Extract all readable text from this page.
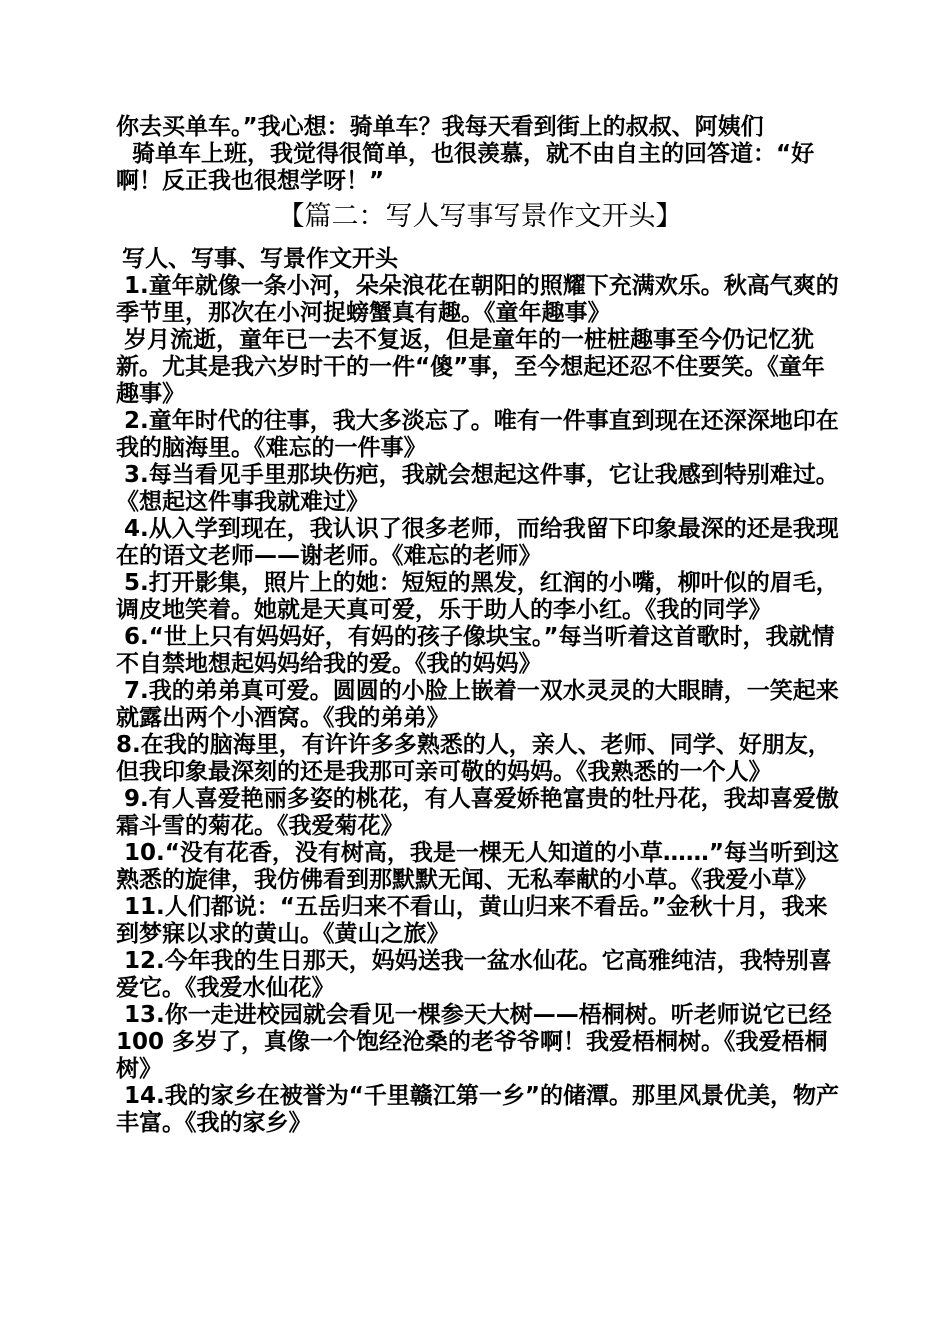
你去买单车。”我心想：骑单车？我每天看到街上的叔叔、阿姨们
骑单车上班，我觉得很简单，也很羡慕，就不由自主的回答道：“好啊！反正我也很想学呀！”

【篇二：写人写事写景作文开头】

写人、写事、写景作文开头

1.童年就像一条小河，朵朵浪花在朝阳的照耀下充满欢乐。秋高气爽的季节里，那次在小河捉螃蟹真有趣。《童年趣事》

岁月流逝，童年已一去不复返，但是童年的一桩桩趣事至今仍记忆犹新。尤其是我六岁时干的一件“傻”事，至今想起还忍不住要笑。《童年趣事》

2.童年时代的往事，我大多淡忘了。唯有一件事直到现在还深深地印在我的脑海里。《难忘的一件事》

3.每当看见手里那块伤疤，我就会想起这件事，它让我感到特别难过。《想起这件事我就难过》

4.从入学到现在，我认识了很多老师，而给我留下印象最深的还是我现在的语文老师——谢老师。《难忘的老师》

5.打开影集，照片上的她：短短的黑发，红润的小嘴，柳叶似的眉毛，调皮地笑着。她就是天真可爱，乐于助人的李小红。《我的同学》

6.“世上只有妈妈好，有妈的孩子像块宝。”每当听着这首歌时，我就情不自禁地想起妈妈给我的爱。《我的妈妈》

7.我的弟弟真可爱。圆圆的小脸上嵌着一双水灵灵的大眼睛，一笑起来就露出两个小酒窝。《我的弟弟》

8.在我的脑海里，有许许多多熟悉的人，亲人、老师、同学、好朋友，但我印象最深刻的还是我那可亲可敬的妈妈。《我熟悉的一个人》

9.有人喜爱艳丽多姿的桃花，有人喜爱娇艳富贵的牡丹花，我却喜爱傲霜斗雪的菊花。《我爱菊花》

10.“没有花香，没有树高，我是一棵无人知道的小草……”每当听到这熟悉的旋律，我仿佛看到那默默无闻、无私奉献的小草。《我爱小草》

11.人们都说：“五岳归来不看山，黄山归来不看岳。”金秋十月，我来到梦寐以求的黄山。《黄山之旅》

12.今年我的生日那天，妈妈送我一盆水仙花。它高雅纯洁，我特别喜爱它。《我爱水仙花》

13.你一走进校园就会看见一棵参天大树——梧桐树。听老师说它已经 100 多岁了，真像一个饱经沧桑的老爷爷啊！我爱梧桐树。《我爱梧桐树》

14.我的家乡在被誉为“千里赣江第一乡”的储潭。那里风景优美，物产丰富。《我的家乡》
